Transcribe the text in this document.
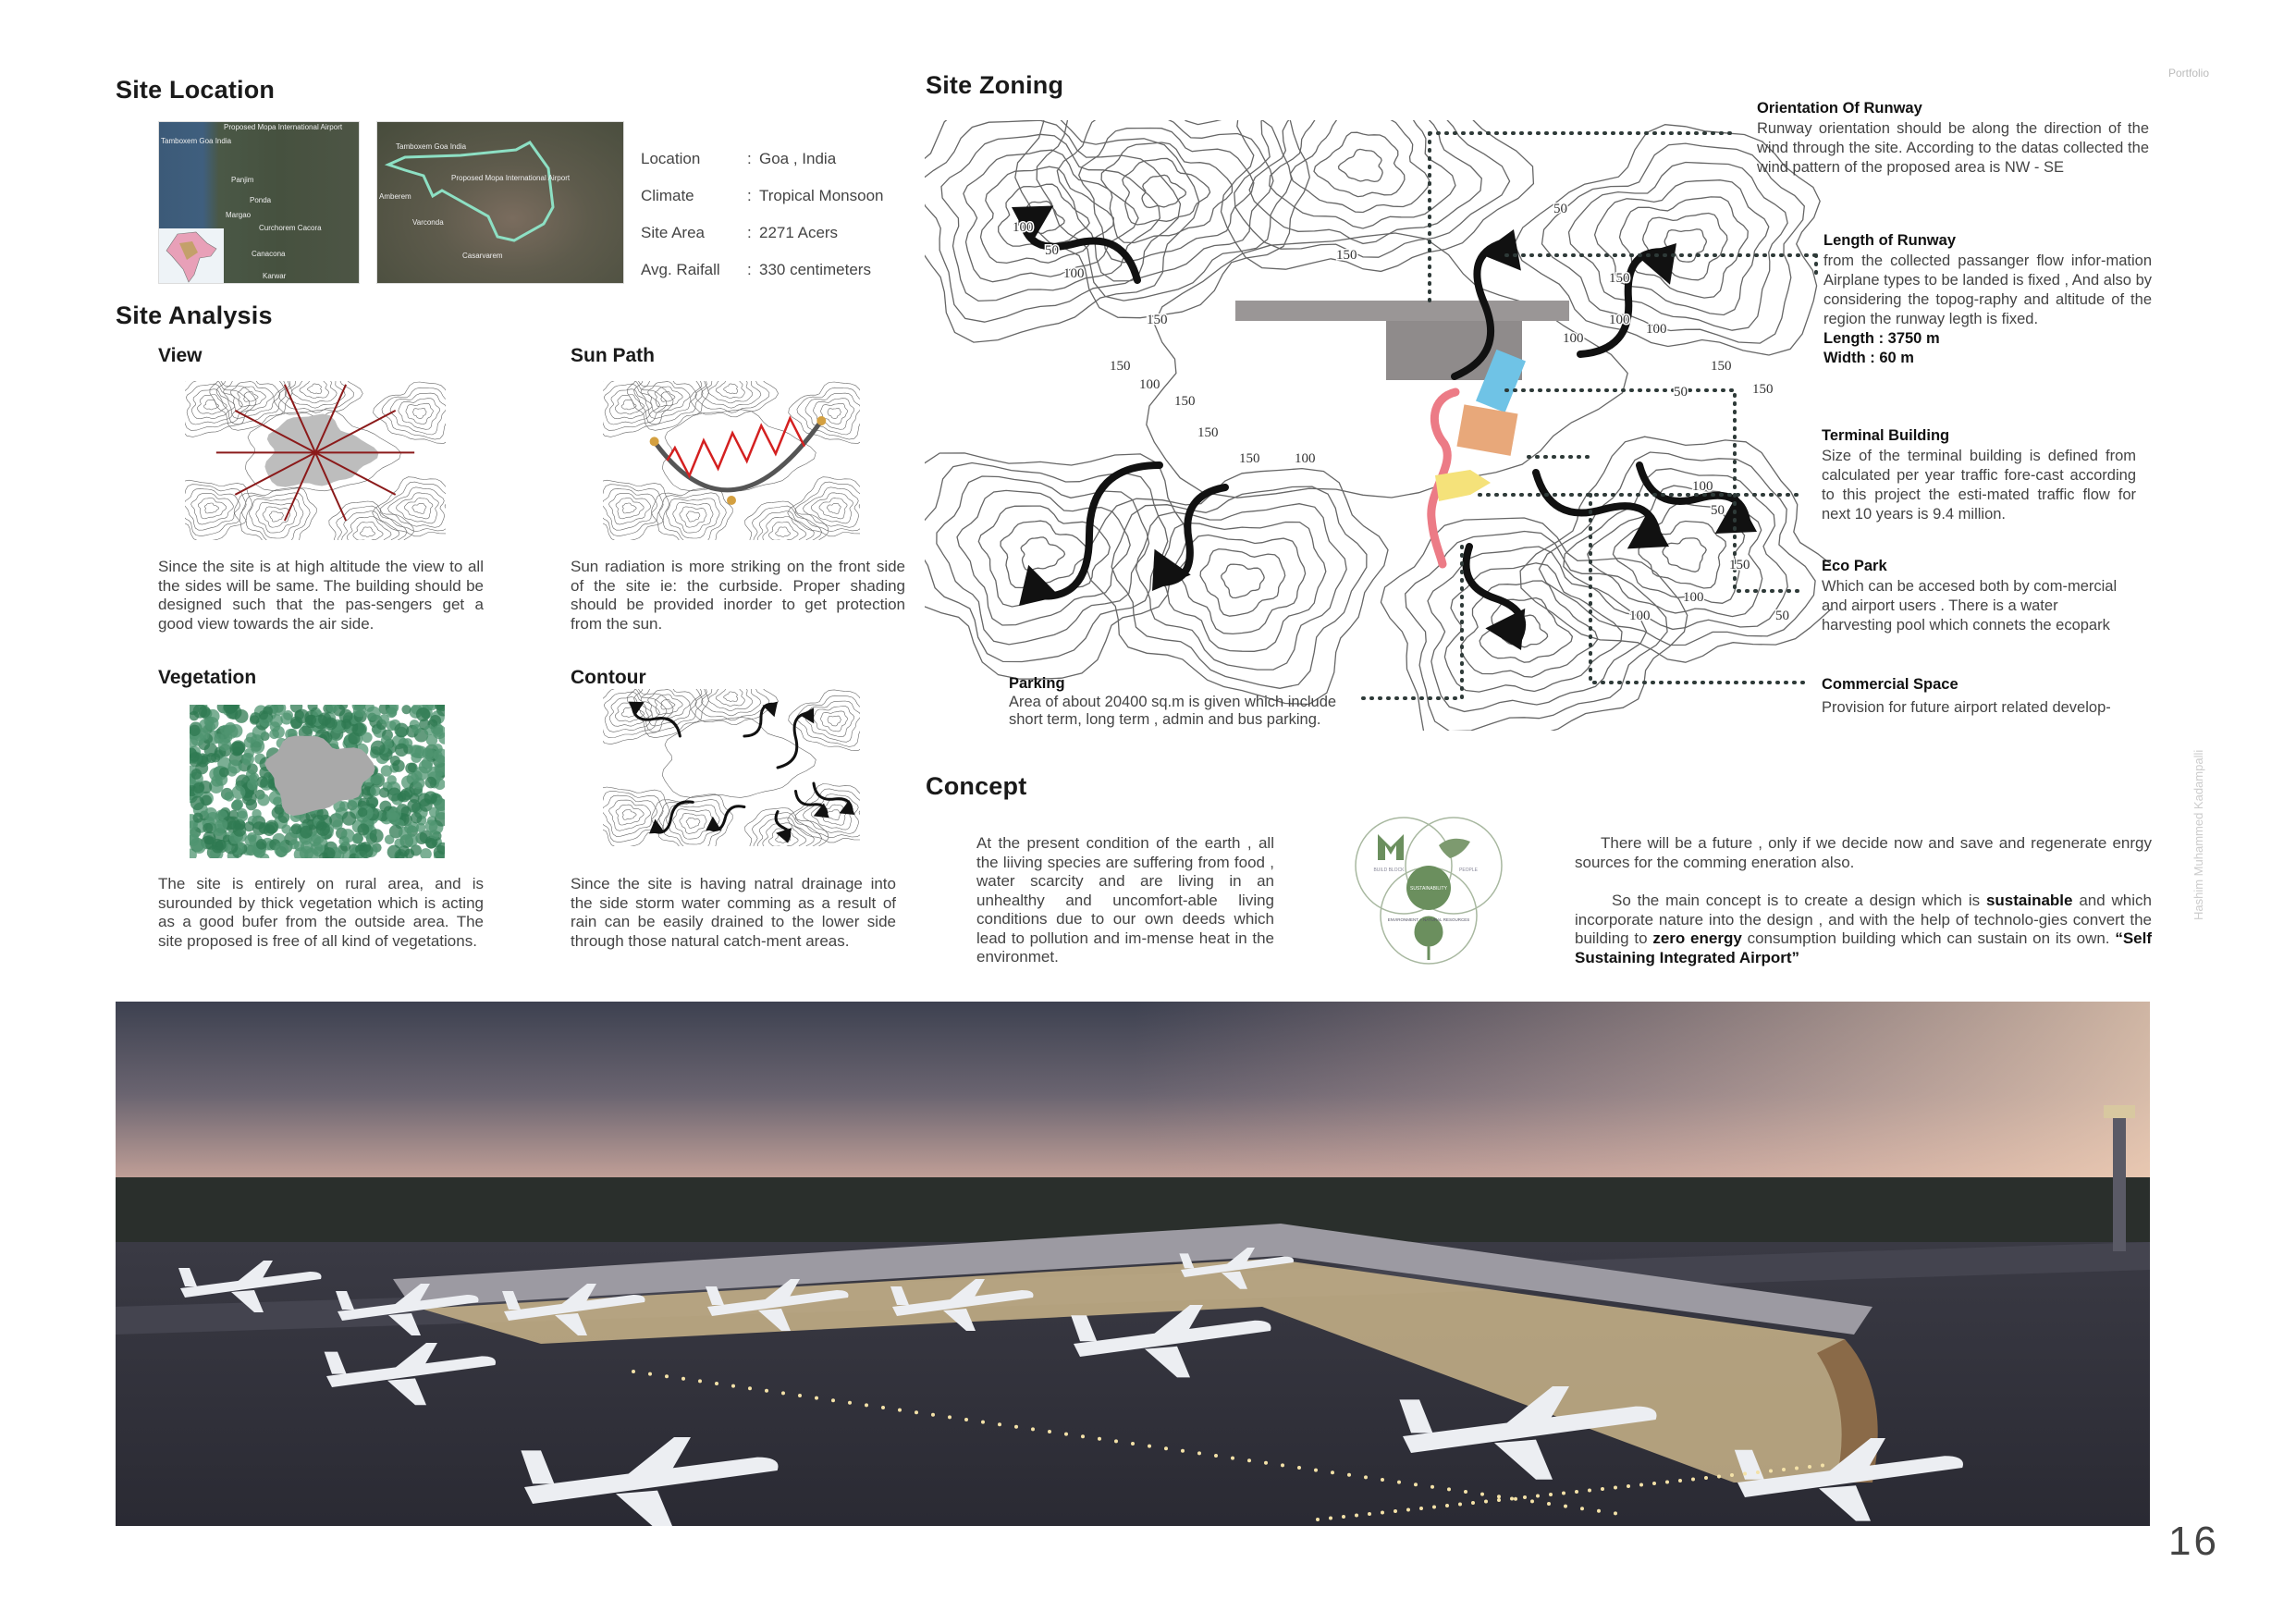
Portfolio
16
Hashim Muhammed Kadampalli
Site Location
Proposed Mopa International Airport
Tamboxem Goa India
Panjim
Ponda
Margao
Curchorem Cacora
Canacona
Karwar
Tamboxem Goa India
Proposed Mopa International Airport
Amberem
Varconda
Casarvarem
Location	: Goa , India
Climate	: Tropical Monsoon
Site Area	: 2271 Acers
Avg. Raifall	: 330 centimeters
Site Analysis
View	Sun Path
Since the site is at high altitude the view to all the sides will be same. The building should be designed such that the pas-sengers get a good view towards the air side.
Sun radiation is more striking on the front side of the site ie: the curbside. Proper shading should be provided inorder to get protection from the sun.
Vegetation	Contour
The site is entirely on rural area, and is surounded by thick vegetation which is acting as a good bufer from the outside area. The site proposed is free of all kind of vegetations.
Since the site is having natral drainage into the side storm water comming as a result of rain can be easily drained to the lower side through those natural catch-ment areas.
Site Zoning
100
50
100
150
150
100
150
150
150	100
50
150
150
100
100
100
50	150
150
100
50
100
150
100	50
Orientation Of Runway
Runway orientation should be along the direction of the wind through the site. According to the datas collected the wind pattern of the proposed area is NW - SE
Length of Runway
from the collected passanger flow infor-mation Airplane types to be landed is fixed , And also by considering the topog-raphy and altitude of the region the runway legth is fixed.
Length : 3750 m
Width : 60 m
Terminal Building
Size of the terminal building is defined from calculated per year traffic fore-cast according to this project the esti-mated traffic flow for next 10 years is 9.4 million.
Eco Park
Which can be accesed both by com-mercial and airport users . There is a water harvesting pool which connets the ecopark
Commercial Space
Provision for future airport related develop-
Parking
Area of about 20400 sq.m is given which include short term, long term , admin and bus parking.
Concept
At the present condition of the earth , all the liiving species are suffering from food , water scarcity and are living in an unhealthy and uncomfort-able living conditions due to our own deeds which lead to pollution and im-mense heat in the environmet.
BUILD BLOCK	PEOPLE
SUSTAINABILITY
ENVIRONMENT + NATURAL RESOURCES
There will be a future , only if we decide now and save and regenerate enrgy sources for the comming eneration also.
So the main concept is to create a design which is sustainable and which incorporate nature into the design , and with the help of technolo-gies convert the building to zero energy consumption building which can sustain on its own. “Self Sustaining Integrated Airport”
